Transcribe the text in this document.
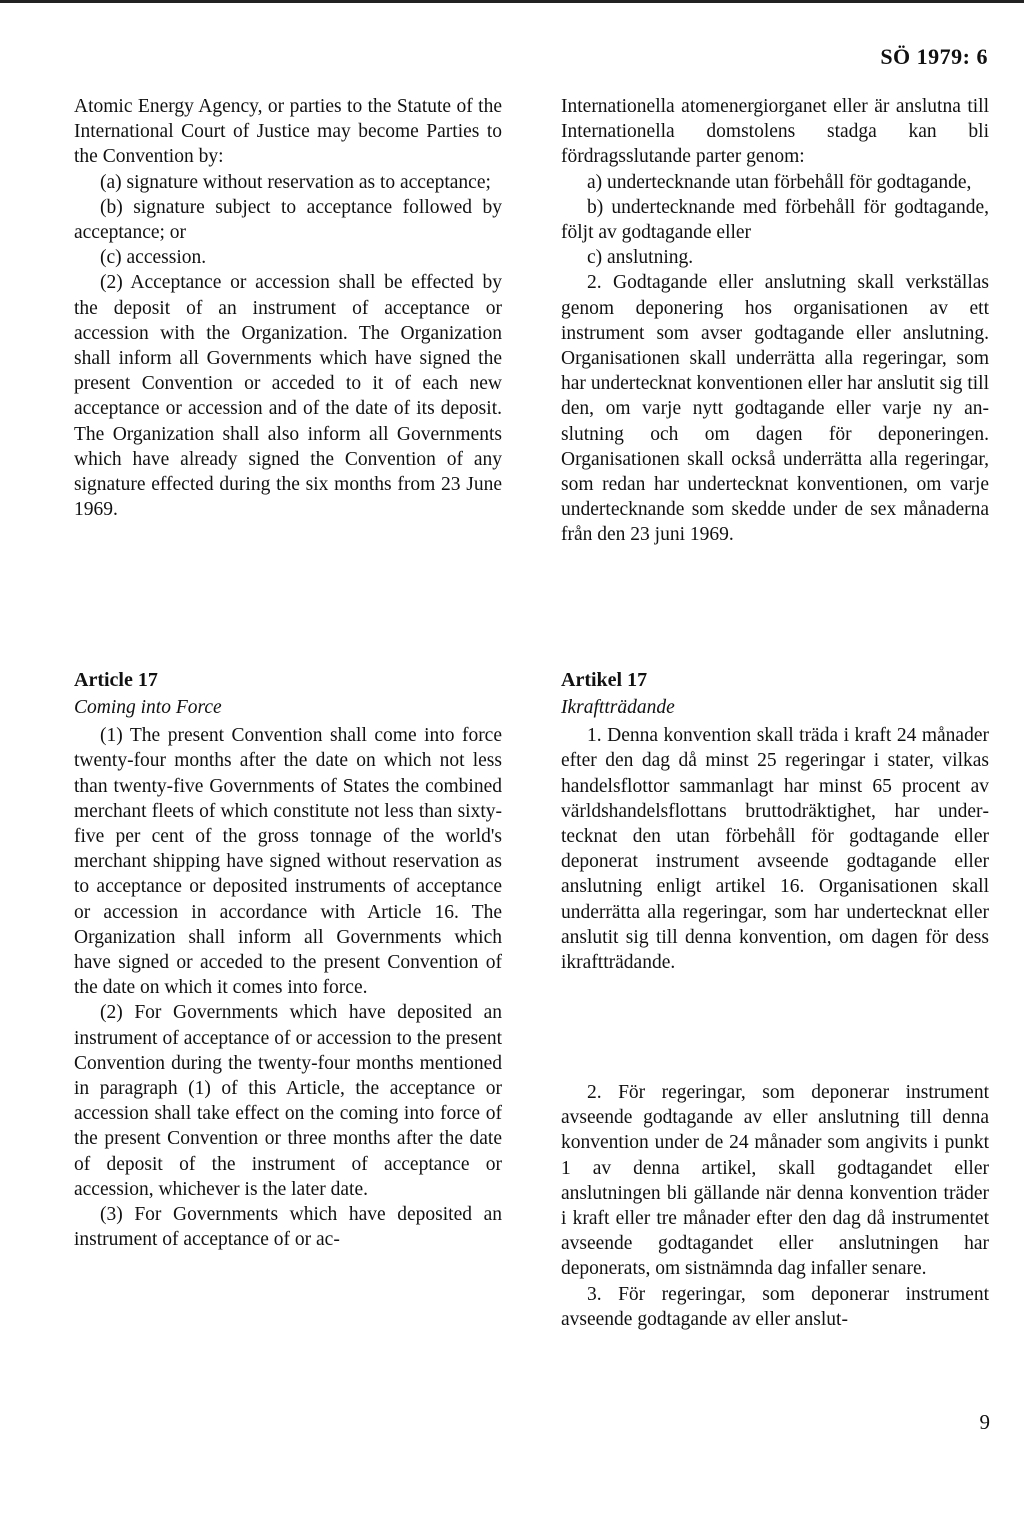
SÖ 1979: 6

Atomic Energy Agency, or parties to the Statute of the International Court of Justice may become Parties to the Convention by:

(a) signature without reservation as to acceptance;

(b) signature subject to acceptance followed by acceptance; or

(c) accession.

(2) Acceptance or accession shall be effected by the deposit of an instrument of acceptance or accession with the Organization. The Organization shall inform all Governments which have signed the present Convention or acceded to it of each new acceptance or accession and of the date of its deposit. The Organization shall also inform all Governments which have already signed the Convention of any signature effected during the six months from 23 June 1969.

Article 17

Coming into Force

(1) The present Convention shall come into force twenty-four months after the date on which not less than twenty-five Governments of States the combined merchant fleets of which constitute not less than sixty-five per cent of the gross tonnage of the world's merchant shipping have signed without reservation as to acceptance or deposited instruments of acceptance or accession in accordance with Article 16. The Organization shall inform all Governments which have signed or acceded to the present Convention of the date on which it comes into force.

(2) For Governments which have deposited an instrument of acceptance of or accession to the present Convention during the twenty-four months mentioned in paragraph (1) of this Article, the acceptance or accession shall take effect on the coming into force of the present Convention or three months after the date of deposit of the instrument of acceptance or accession, whichever is the later date.

(3) For Governments which have deposited an instrument of acceptance of or ac-

Internationella atomenergiorganet eller är anslutna till Internationella domstolens stadga kan bli fördragsslutande parter genom:

a) undertecknande utan förbehåll för godtagande,

b) undertecknande med förbehåll för godtagande, följt av godtagande eller

c) anslutning.

2. Godtagande eller anslutning skall verkställas genom deponering hos organisationen av ett instrument som avser godtagande eller anslutning. Organisationen skall underrätta alla regeringar, som har undertecknat konventionen eller har anslutit sig till den, om varje nytt godtagande eller varje ny anslutning och om dagen för deponeringen. Organisationen skall också underrätta alla regeringar, som redan har undertecknat konventionen, om varje undertecknande som skedde under de sex månaderna från den 23 juni 1969.

Artikel 17

Ikraftträdande

1. Denna konvention skall träda i kraft 24 månader efter den dag då minst 25 regeringar i stater, vilkas handelsflottor sammanlagt har minst 65 procent av världshandelsflottans bruttodräktighet, har undertecknat den utan förbehåll för godtagande eller deponerat instrument avseende godtagande eller anslutning enligt artikel 16. Organisationen skall underrätta alla regeringar, som har undertecknat eller anslutit sig till denna konvention, om dagen för dess ikraftträdande.

2. För regeringar, som deponerar instrument avseende godtagande av eller anslutning till denna konvention under de 24 månader som angivits i punkt 1 av denna artikel, skall godtagandet eller anslutningen bli gällande när denna konvention träder i kraft eller tre månader efter den dag då instrumentet avseende godtagandet eller anslutningen har deponerats, om sistnämnda dag infaller senare.

3. För regeringar, som deponerar instrument avseende godtagande av eller anslut-

9
